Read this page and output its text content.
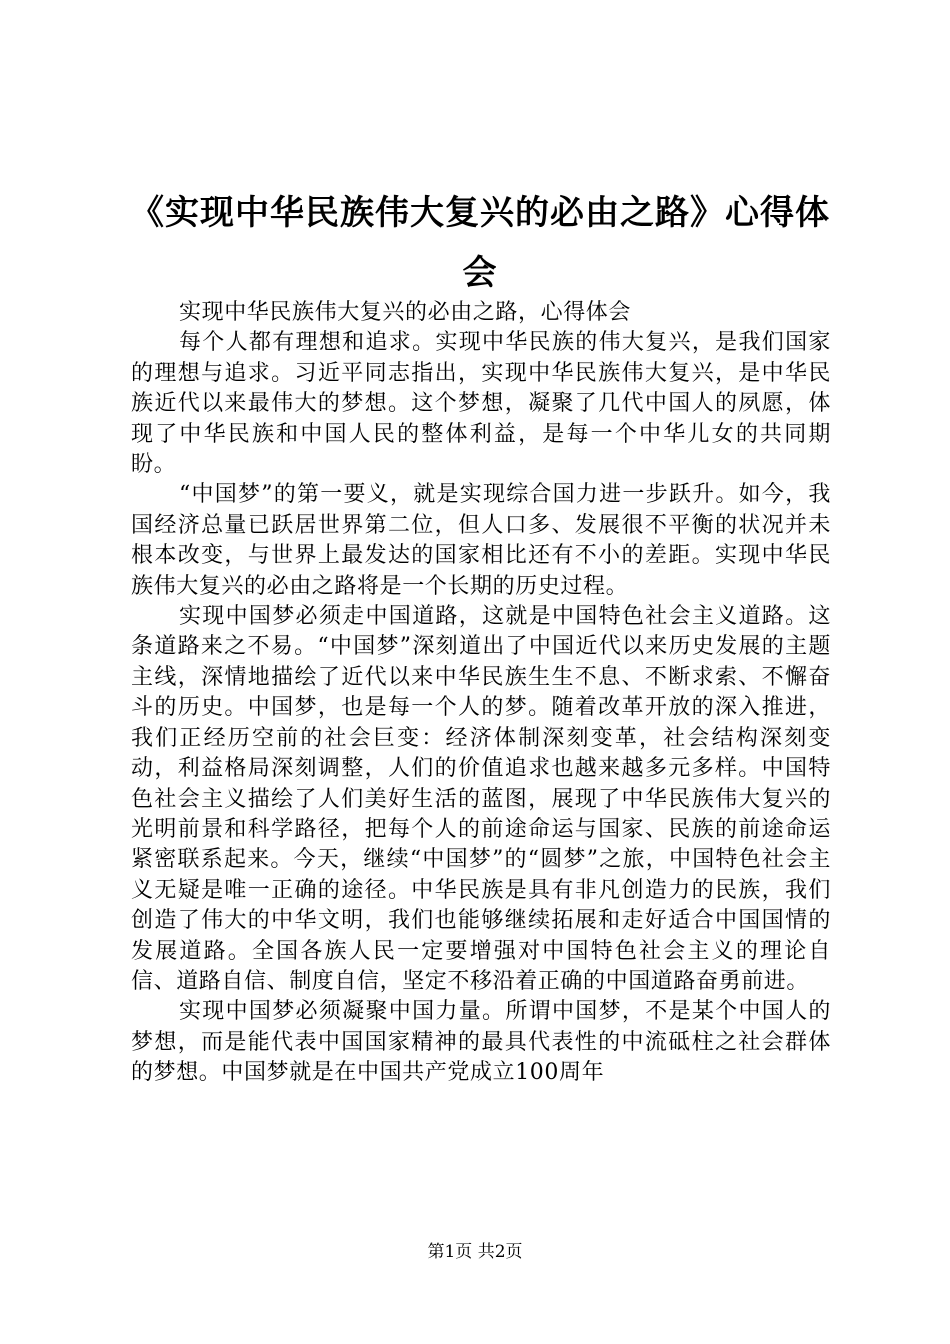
《实现中华民族伟大复兴的必由之路》心得体会

实现中华民族伟大复兴的必由之路，心得体会

每个人都有理想和追求。实现中华民族的伟大复兴，是我们国家的理想与追求。习近平同志指出，实现中华民族伟大复兴，是中华民族近代以来最伟大的梦想。这个梦想，凝聚了几代中国人的夙愿，体现了中华民族和中国人民的整体利益，是每一个中华儿女的共同期盼。

“中国梦”的第一要义，就是实现综合国力进一步跃升。如今，我国经济总量已跃居世界第二位，但人口多、发展很不平衡的状况并未根本改变，与世界上最发达的国家相比还有不小的差距。实现中华民族伟大复兴的必由之路将是一个长期的历史过程。

实现中国梦必须走中国道路，这就是中国特色社会主义道路。这条道路来之不易。“中国梦”深刻道出了中国近代以来历史发展的主题主线，深情地描绘了近代以来中华民族生生不息、不断求索、不懈奋斗的历史。中国梦，也是每一个人的梦。随着改革开放的深入推进，我们正经历空前的社会巨变：经济体制深刻变革，社会结构深刻变动，利益格局深刻调整，人们的价值追求也越来越多元多样。中国特色社会主义描绘了人们美好生活的蓝图，展现了中华民族伟大复兴的光明前景和科学路径，把每个人的前途命运与国家、民族的前途命运紧密联系起来。今天，继续“中国梦”的“圆梦”之旅，中国特色社会主义无疑是唯一正确的途径。中华民族是具有非凡创造力的民族，我们创造了伟大的中华文明，我们也能够继续拓展和走好适合中国国情的发展道路。全国各族人民一定要增强对中国特色社会主义的理论自信、道路自信、制度自信，坚定不移沿着正确的中国道路奋勇前进。

实现中国梦必须凝聚中国力量。所谓中国梦，不是某个中国人的梦想，而是能代表中国国家精神的最具代表性的中流砥柱之社会群体的梦想。中国梦就是在中国共产党成立100周年

第1页 共2页
